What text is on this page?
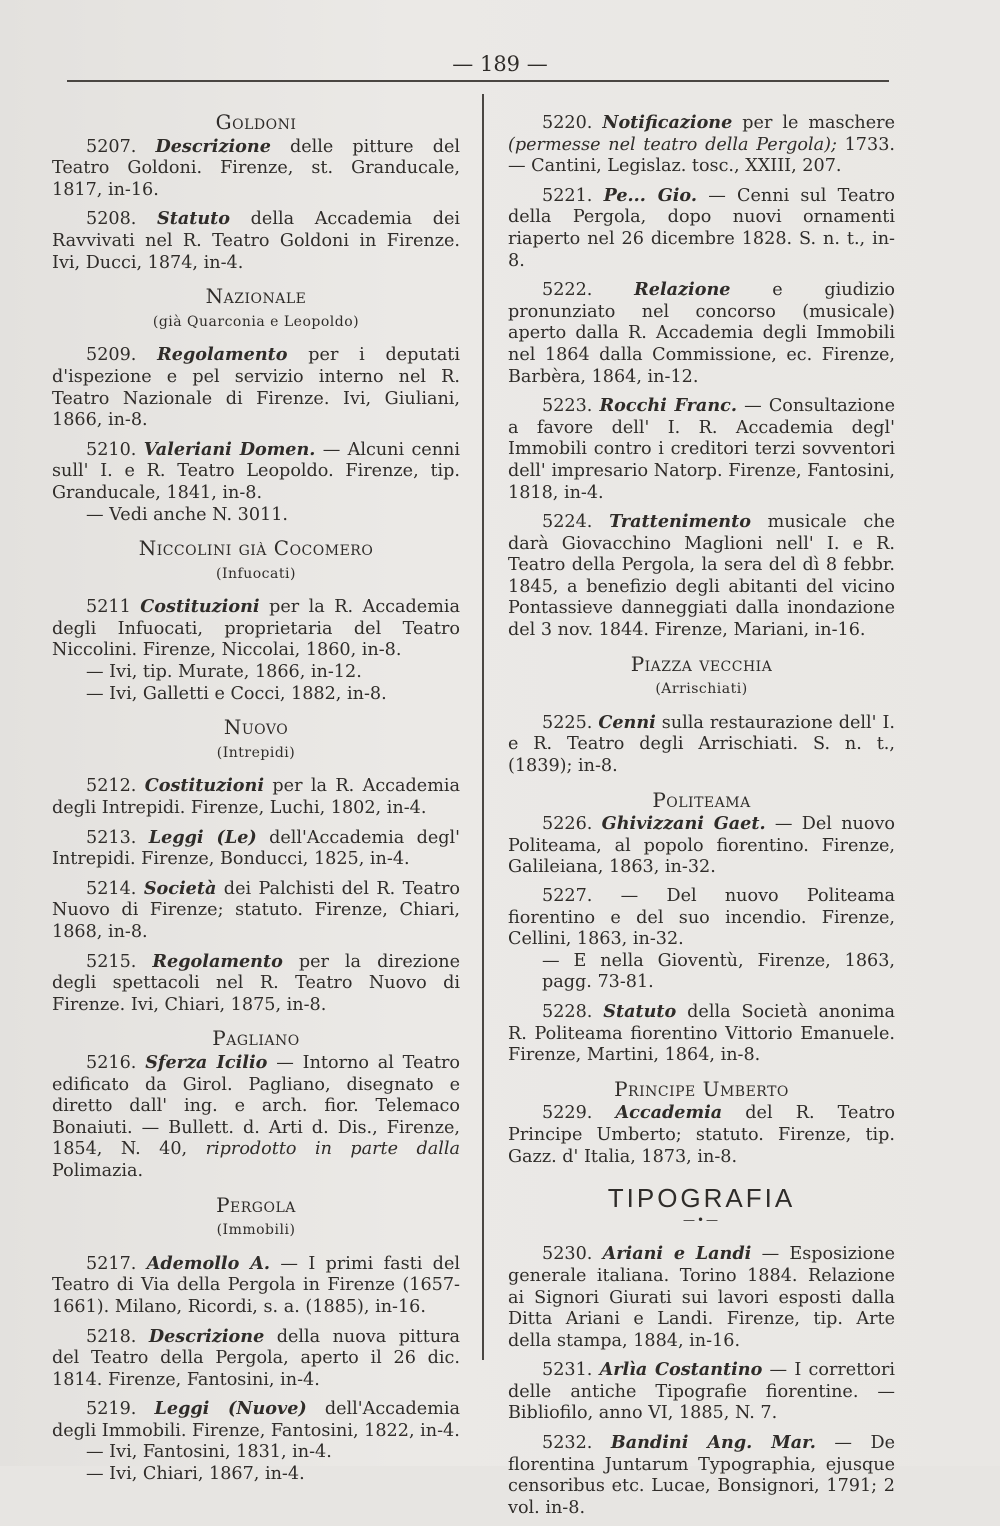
— 189 —
Goldoni
5207. Descrizione delle pitture del Teatro Goldoni. Firenze, st. Granducale, 1817, in-16.
5208. Statuto della Accademia dei Ravvivati nel R. Teatro Goldoni in Firenze. Ivi, Ducci, 1874, in-4.
Nazionale
(già Quarconia e Leopoldo)
5209. Regolamento per i deputati d'ispezione e pel servizio interno nel R. Teatro Nazionale di Firenze. Ivi, Giuliani, 1866, in-8.
5210. Valeriani Domen. — Alcuni cenni sull' I. e R. Teatro Leopoldo. Firenze, tip. Granducale, 1841, in-8.
— Vedi anche N. 3011.
Niccolini già Cocomero
(Infuocati)
5211 Costituzioni per la R. Accademia degli Infuocati, proprietaria del Teatro Niccolini. Firenze, Niccolai, 1860, in-8.
— Ivi, tip. Murate, 1866, in-12.
— Ivi, Galletti e Cocci, 1882, in-8.
Nuovo
(Intrepidi)
5212. Costituzioni per la R. Accademia degli Intrepidi. Firenze, Luchi, 1802, in-4.
5213. Leggi (Le) dell'Accademia degl' Intrepidi. Firenze, Bonducci, 1825, in-4.
5214. Società dei Palchisti del R. Teatro Nuovo di Firenze; statuto. Firenze, Chiari, 1868, in-8.
5215. Regolamento per la direzione degli spettacoli nel R. Teatro Nuovo di Firenze. Ivi, Chiari, 1875, in-8.
Pagliano
5216. Sferza Icilio — Intorno al Teatro edificato da Girol. Pagliano, disegnato e diretto dall' ing. e arch. fior. Telemaco Bonaiuti. — Bullett. d. Arti d. Dis., Firenze, 1854, N. 40, riprodotto in parte dalla Polimazia.
Pergola
(Immobili)
5217. Ademollo A. — I primi fasti del Teatro di Via della Pergola in Firenze (1657-1661). Milano, Ricordi, s. a. (1885), in-16.
5218. Descrizione della nuova pittura del Teatro della Pergola, aperto il 26 dic. 1814. Firenze, Fantosini, in-4.
5219. Leggi (Nuove) dell'Accademia degli Immobili. Firenze, Fantosini, 1822, in-4.
— Ivi, Fantosini, 1831, in-4.
— Ivi, Chiari, 1867, in-4.
5220. Notificazione per le maschere (permesse nel teatro della Pergola); 1733. — Cantini, Legislaz. tosc., XXIII, 207.
5221. Pe... Gio. — Cenni sul Teatro della Pergola, dopo nuovi ornamenti riaperto nel 26 dicembre 1828. S. n. t., in-8.
5222. Relazione e giudizio pronunziato nel concorso (musicale) aperto dalla R. Accademia degli Immobili nel 1864 dalla Commissione, ec. Firenze, Barbèra, 1864, in-12.
5223. Rocchi Franc. — Consultazione a favore dell' I. R. Accademia degl' Immobili contro i creditori terzi sovventori dell' impresario Natorp. Firenze, Fantosini, 1818, in-4.
5224. Trattenimento musicale che darà Giovacchino Maglioni nell' I. e R. Teatro della Pergola, la sera del dì 8 febbr. 1845, a benefizio degli abitanti del vicino Pontassieve danneggiati dalla inondazione del 3 nov. 1844. Firenze, Mariani, in-16.
Piazza vecchia
(Arrischiati)
5225. Cenni sulla restaurazione dell' I. e R. Teatro degli Arrischiati. S. n. t., (1839); in-8.
Politeama
5226. Ghivizzani Gaet. — Del nuovo Politeama, al popolo fiorentino. Firenze, Galileiana, 1863, in-32.
5227. — Del nuovo Politeama fiorentino e del suo incendio. Firenze, Cellini, 1863, in-32.
— E nella Gioventù, Firenze, 1863, pagg. 73-81.
5228. Statuto della Società anonima R. Politeama fiorentino Vittorio Emanuele. Firenze, Martini, 1864, in-8.
Principe Umberto
5229. Accademia del R. Teatro Principe Umberto; statuto. Firenze, tip. Gazz. d' Italia, 1873, in-8.
TIPOGRAFIA
—•—
5230. Ariani e Landi — Esposizione generale italiana. Torino 1884. Relazione ai Signori Giurati sui lavori esposti dalla Ditta Ariani e Landi. Firenze, tip. Arte della stampa, 1884, in-16.
5231. Arlìa Costantino — I correttori delle antiche Tipografie fiorentine. — Bibliofilo, anno VI, 1885, N. 7.
5232. Bandini Ang. Mar. — De florentina Juntarum Typographia, ejusque censoribus etc. Lucae, Bonsignori, 1791; 2 vol. in-8.
